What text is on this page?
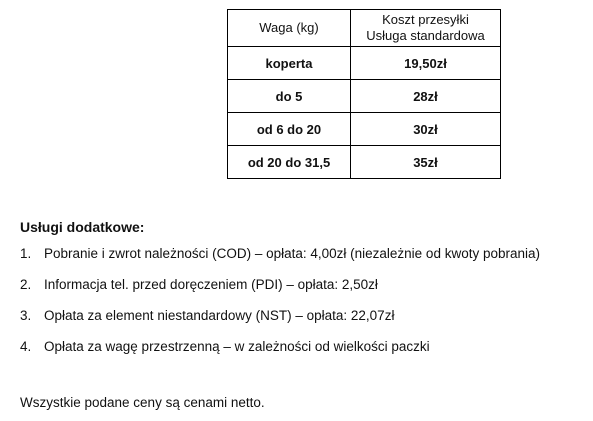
Waga (kg)	Koszt przesyłki
Usługa standardowa
koperta	19,50zł
do 5	28zł
od 6 do 20	30zł
od 20 do 31,5	35zł

Usługi dodatkowe:

1. Pobranie i zwrot należności (COD) – opłata: 4,00zł (niezależnie od kwoty pobrania)
2. Informacja tel. przed doręczeniem (PDI) – opłata: 2,50zł
3. Opłata za element niestandardowy (NST) – opłata: 22,07zł
4. Opłata za wagę przestrzenną – w zależności od wielkości paczki

Wszystkie podane ceny są cenami netto.
